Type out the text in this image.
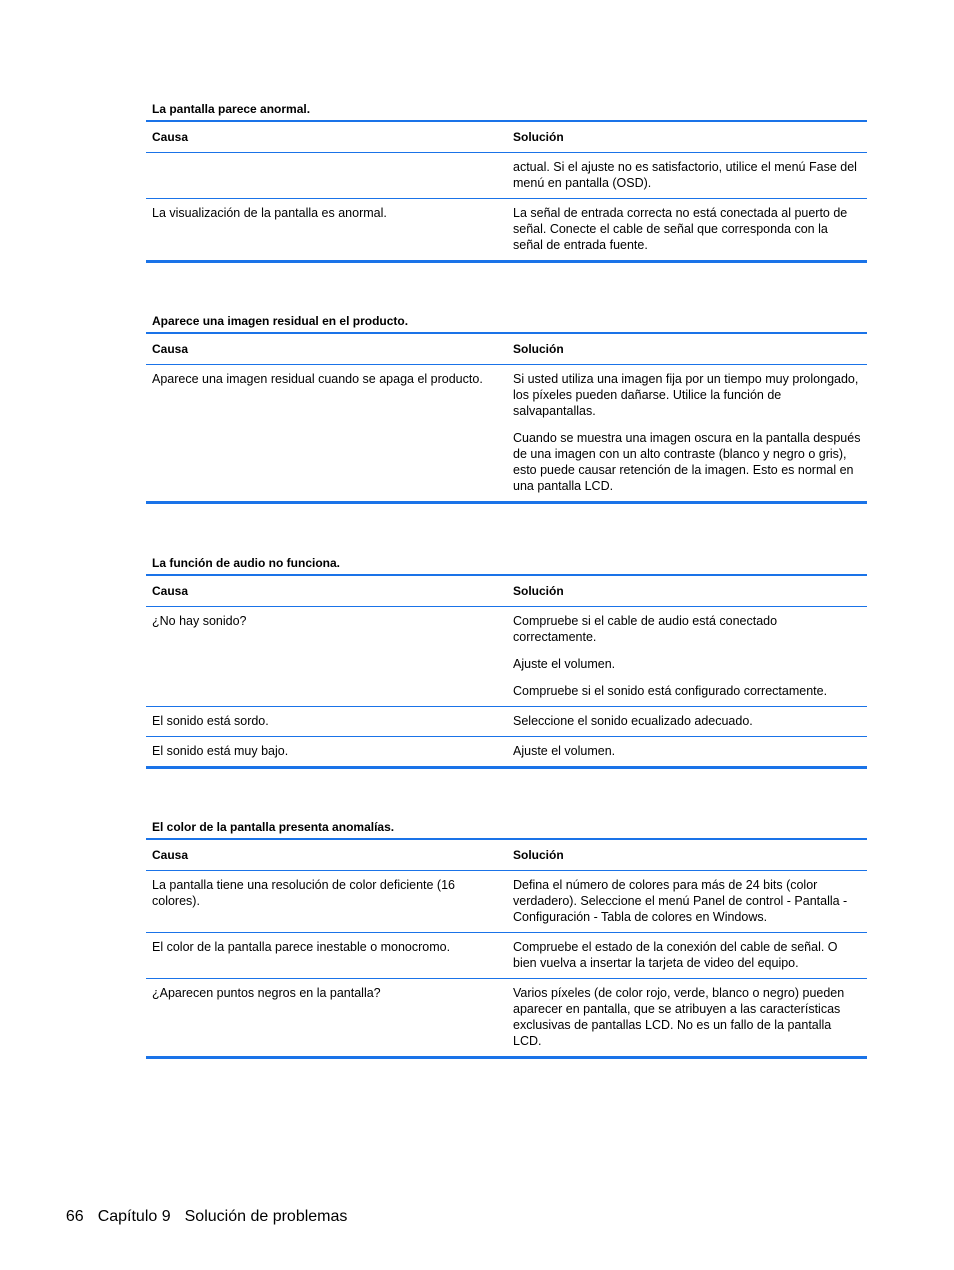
La pantalla parece anormal.
Causa	Solución

	actual. Si el ajuste no es satisfactorio, utilice el menú Fase del menú en pantalla (OSD).

La visualización de la pantalla es anormal.	La señal de entrada correcta no está conectada al puerto de señal. Conecte el cable de señal que corresponda con la señal de entrada fuente.

Aparece una imagen residual en el producto.
Causa	Solución
Aparece una imagen residual cuando se apaga el producto.	Si usted utiliza una imagen fija por un tiempo muy prolongado, los píxeles pueden dañarse. Utilice la función de salvapantallas.

Cuando se muestra una imagen oscura en la pantalla después de una imagen con un alto contraste (blanco y negro o gris), esto puede causar retención de la imagen. Esto es normal en una pantalla LCD.

La función de audio no funciona.
Causa	Solución
¿No hay sonido?	Compruebe si el cable de audio está conectado correctamente.

Ajuste el volumen.

Compruebe si el sonido está configurado correctamente.

El sonido está sordo.	Seleccione el sonido ecualizado adecuado.

El sonido está muy bajo.	Ajuste el volumen.

El color de la pantalla presenta anomalías.
Causa	Solución
La pantalla tiene una resolución de color deficiente (16 colores).	Defina el número de colores para más de 24 bits (color verdadero). Seleccione el menú Panel de control - Pantalla - Configuración - Tabla de colores en Windows.

El color de la pantalla parece inestable o monocromo.	Compruebe el estado de la conexión del cable de señal. O bien vuelva a insertar la tarjeta de video del equipo.

¿Aparecen puntos negros en la pantalla?	Varios píxeles (de color rojo, verde, blanco o negro) pueden aparecer en pantalla, que se atribuyen a las características exclusivas de pantallas LCD. No es un fallo de la pantalla LCD.

66 Capítulo 9 Solución de problemas
